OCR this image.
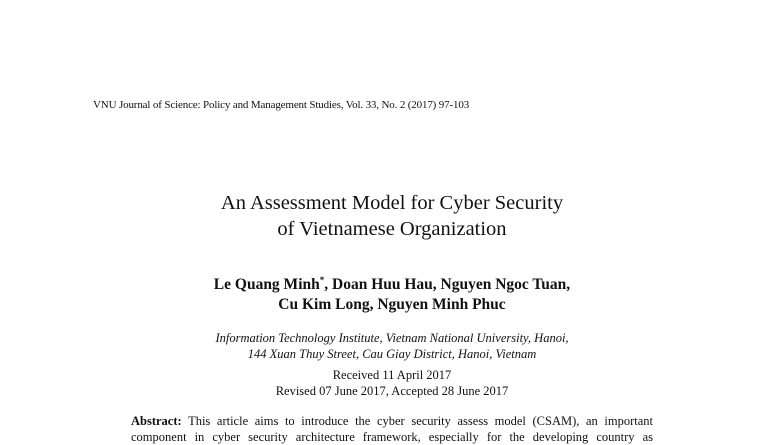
VNU Journal of Science: Policy and Management Studies, Vol. 33, No. 2 (2017) 97-103
An Assessment Model for Cyber Security
of Vietnamese Organization
Le Quang Minh*, Doan Huu Hau, Nguyen Ngoc Tuan,
Cu Kim Long, Nguyen Minh Phuc
Information Technology Institute, Vietnam National University, Hanoi,
144 Xuan Thuy Street, Cau Giay District, Hanoi, Vietnam
Received 11 April 2017
Revised 07 June 2017, Accepted 28 June 2017
Abstract: This article aims to introduce the cyber security assess model (CSAM), an important
component in cyber security architecture framework, especially for the developing country as
